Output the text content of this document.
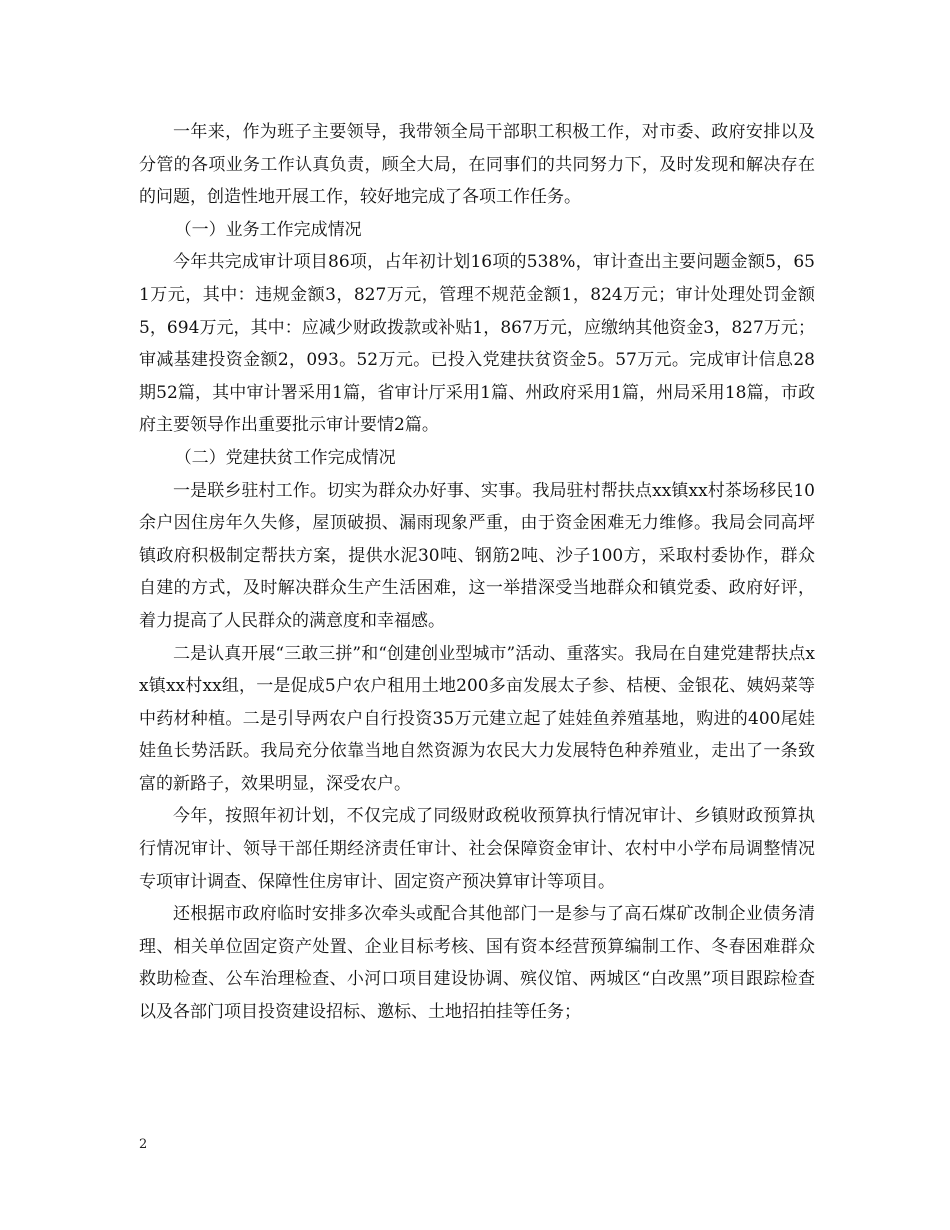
一年来，作为班子主要领导，我带领全局干部职工积极工作，对市委、政府安排以及分管的各项业务工作认真负责，顾全大局，在同事们的共同努力下，及时发现和解决存在的问题，创造性地开展工作，较好地完成了各项工作任务。

（一）业务工作完成情况

今年共完成审计项目86项，占年初计划16项的538%，审计查出主要问题金额5，651万元，其中：违规金额3，827万元，管理不规范金额1，824万元；审计处理处罚金额5，694万元，其中：应减少财政拨款或补贴1，867万元，应缴纳其他资金3，827万元；审减基建投资金额2，093。52万元。已投入党建扶贫资金5。57万元。完成审计信息28期52篇，其中审计署采用1篇，省审计厅采用1篇、州政府采用1篇，州局采用18篇，市政府主要领导作出重要批示审计要情2篇。

（二）党建扶贫工作完成情况

一是联乡驻村工作。切实为群众办好事、实事。我局驻村帮扶点xx镇xx村茶场移民10余户因住房年久失修，屋顶破损、漏雨现象严重，由于资金困难无力维修。我局会同高坪镇政府积极制定帮扶方案，提供水泥30吨、钢筋2吨、沙子100方，采取村委协作，群众自建的方式，及时解决群众生产生活困难，这一举措深受当地群众和镇党委、政府好评，着力提高了人民群众的满意度和幸福感。

二是认真开展“三敢三拼”和“创建创业型城市”活动、重落实。我局在自建党建帮扶点xx镇xx村xx组，一是促成5户农户租用土地200多亩发展太子参、桔梗、金银花、姨妈菜等中药材种植。二是引导两农户自行投资35万元建立起了娃娃鱼养殖基地，购进的400尾娃娃鱼长势活跃。我局充分依靠当地自然资源为农民大力发展特色种养殖业，走出了一条致富的新路子，效果明显，深受农户。

今年，按照年初计划，不仅完成了同级财政税收预算执行情况审计、乡镇财政预算执行情况审计、领导干部任期经济责任审计、社会保障资金审计、农村中小学布局调整情况专项审计调查、保障性住房审计、固定资产预决算审计等项目。

还根据市政府临时安排多次牵头或配合其他部门一是参与了高石煤矿改制企业债务清理、相关单位固定资产处置、企业目标考核、国有资本经营预算编制工作、冬春困难群众救助检查、公车治理检查、小河口项目建设协调、殡仪馆、两城区“白改黑”项目跟踪检查以及各部门项目投资建设招标、邀标、土地招拍挂等任务；

2
